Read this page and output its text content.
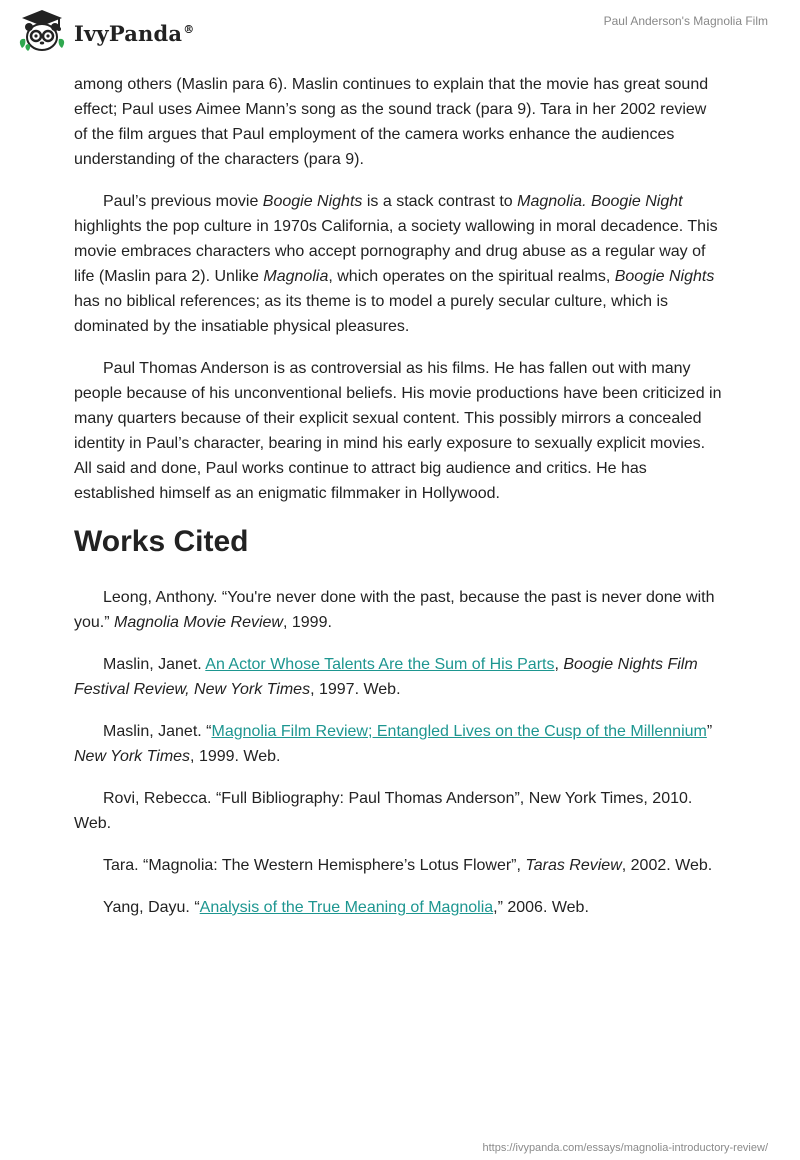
IvyPanda®
Paul Anderson's Magnolia Film

among others (Maslin para 6). Maslin continues to explain that the movie has great sound effect; Paul uses Aimee Mann’s song as the sound track (para 9). Tara in her 2002 review of the film argues that Paul employment of the camera works enhance the audiences understanding of the characters (para 9).

Paul’s previous movie Boogie Nights is a stack contrast to Magnolia. Boogie Night highlights the pop culture in 1970s California, a society wallowing in moral decadence. This movie embraces characters who accept pornography and drug abuse as a regular way of life (Maslin para 2). Unlike Magnolia, which operates on the spiritual realms, Boogie Nights has no biblical references; as its theme is to model a purely secular culture, which is dominated by the insatiable physical pleasures.

Paul Thomas Anderson is as controversial as his films. He has fallen out with many people because of his unconventional beliefs. His movie productions have been criticized in many quarters because of their explicit sexual content. This possibly mirrors a concealed identity in Paul’s character, bearing in mind his early exposure to sexually explicit movies. All said and done, Paul works continue to attract big audience and critics. He has established himself as an enigmatic filmmaker in Hollywood.

Works Cited

Leong, Anthony. “You're never done with the past, because the past is never done with you.” Magnolia Movie Review, 1999.

Maslin, Janet. An Actor Whose Talents Are the Sum of His Parts, Boogie Nights Film Festival Review, New York Times, 1997. Web.

Maslin, Janet. “Magnolia Film Review; Entangled Lives on the Cusp of the Millennium” New York Times, 1999. Web.

Rovi, Rebecca. “Full Bibliography: Paul Thomas Anderson”, New York Times, 2010. Web.

Tara. “Magnolia: The Western Hemisphere’s Lotus Flower”, Taras Review, 2002. Web.

Yang, Dayu. “Analysis of the True Meaning of Magnolia,” 2006. Web.

https://ivypanda.com/essays/magnolia-introductory-review/
